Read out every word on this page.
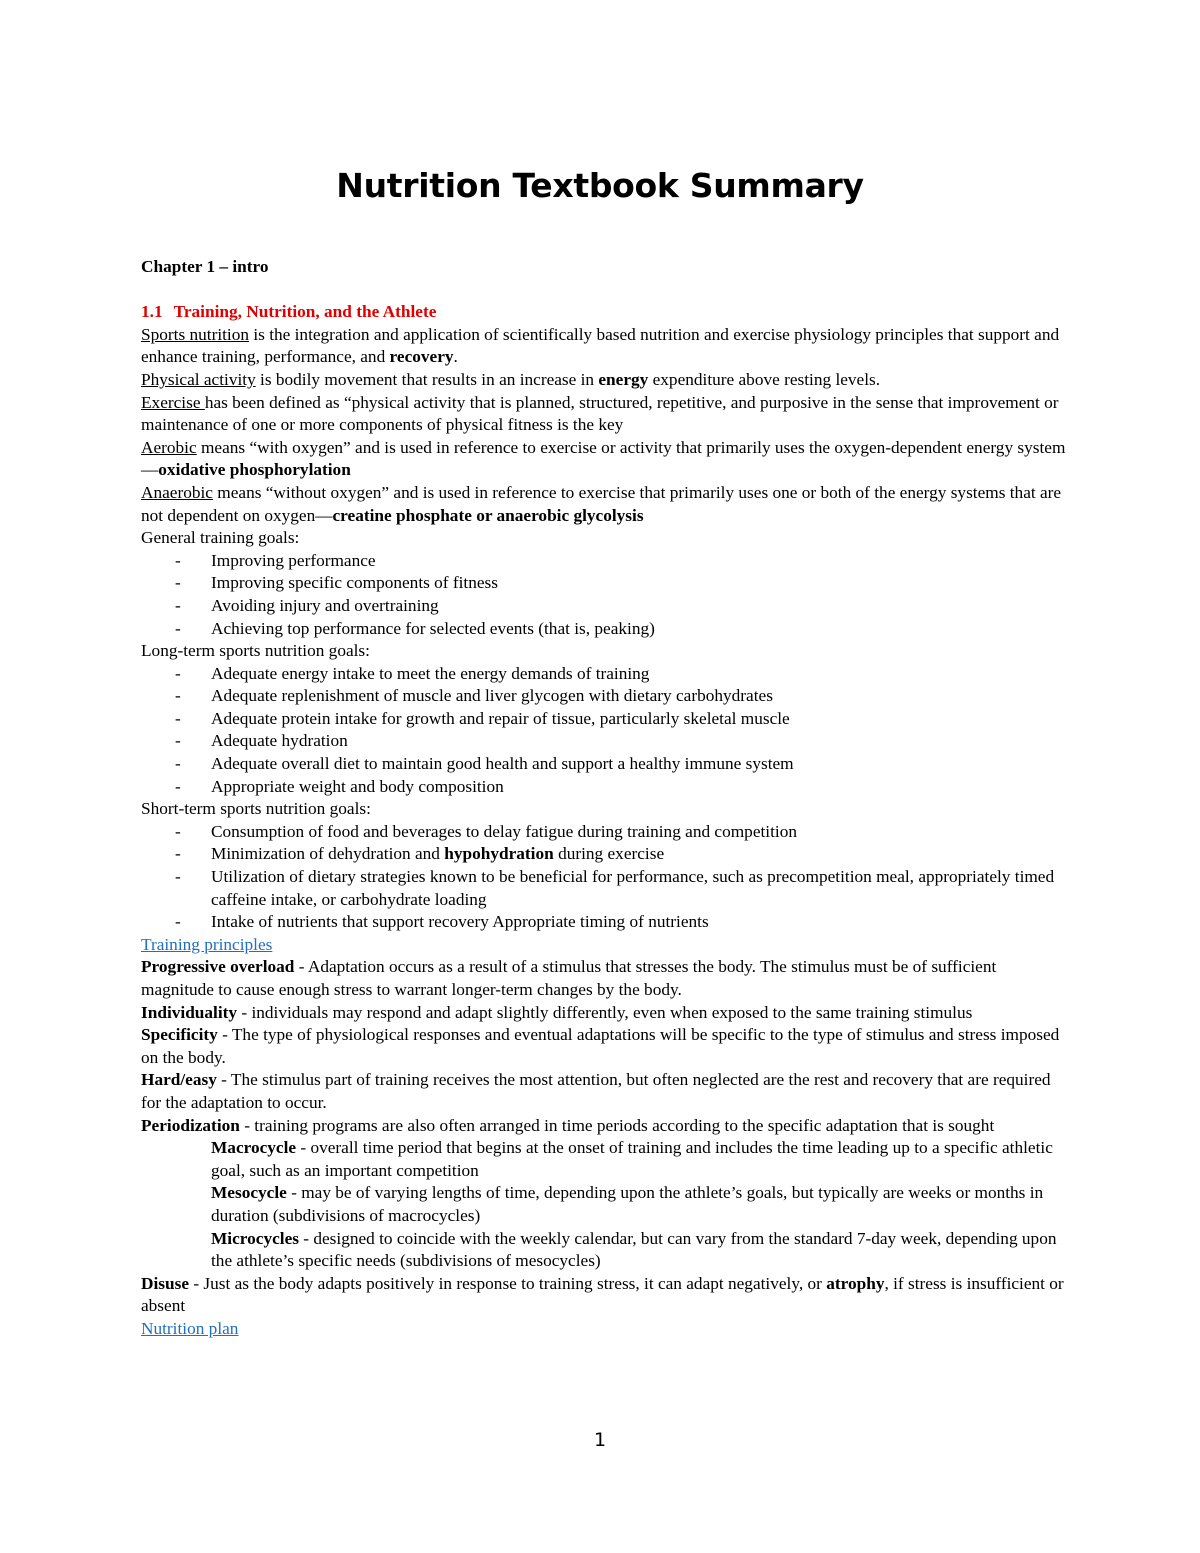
Nutrition Textbook Summary

Chapter 1 – intro

1.1 Training, Nutrition, and the Athlete

Sports nutrition is the integration and application of scientifically based nutrition and exercise physiology principles that support and enhance training, performance, and recovery.

Physical activity is bodily movement that results in an increase in energy expenditure above resting levels.

Exercise has been defined as “physical activity that is planned, structured, repetitive, and purposive in the sense that improvement or maintenance of one or more components of physical fitness is the key

Aerobic means “with oxygen” and is used in reference to exercise or activity that primarily uses the oxygen-dependent energy system—oxidative phosphorylation

Anaerobic means “without oxygen” and is used in reference to exercise that primarily uses one or both of the energy systems that are not dependent on oxygen—creatine phosphate or anaerobic glycolysis

General training goals:

- Improving performance
- Improving specific components of fitness
- Avoiding injury and overtraining
- Achieving top performance for selected events (that is, peaking)

Long-term sports nutrition goals:

- Adequate energy intake to meet the energy demands of training
- Adequate replenishment of muscle and liver glycogen with dietary carbohydrates
- Adequate protein intake for growth and repair of tissue, particularly skeletal muscle
- Adequate hydration
- Adequate overall diet to maintain good health and support a healthy immune system
- Appropriate weight and body composition

Short-term sports nutrition goals:

- Consumption of food and beverages to delay fatigue during training and competition
- Minimization of dehydration and hypohydration during exercise
- Utilization of dietary strategies known to be beneficial for performance, such as precompetition meal, appropriately timed caffeine intake, or carbohydrate loading
- Intake of nutrients that support recovery Appropriate timing of nutrients

Training principles

Progressive overload - Adaptation occurs as a result of a stimulus that stresses the body. The stimulus must be of sufficient magnitude to cause enough stress to warrant longer-term changes by the body.

Individuality - individuals may respond and adapt slightly differently, even when exposed to the same training stimulus

Specificity - The type of physiological responses and eventual adaptations will be specific to the type of stimulus and stress imposed on the body.

Hard/easy - The stimulus part of training receives the most attention, but often neglected are the rest and recovery that are required for the adaptation to occur.

Periodization - training programs are also often arranged in time periods according to the specific adaptation that is sought

Macrocycle - overall time period that begins at the onset of training and includes the time leading up to a specific athletic goal, such as an important competition

Mesocycle - may be of varying lengths of time, depending upon the athlete’s goals, but typically are weeks or months in duration (subdivisions of macrocycles)

Microcycles - designed to coincide with the weekly calendar, but can vary from the standard 7-day week, depending upon the athlete’s specific needs (subdivisions of mesocycles)

Disuse - Just as the body adapts positively in response to training stress, it can adapt negatively, or atrophy, if stress is insufficient or absent

Nutrition plan

1
